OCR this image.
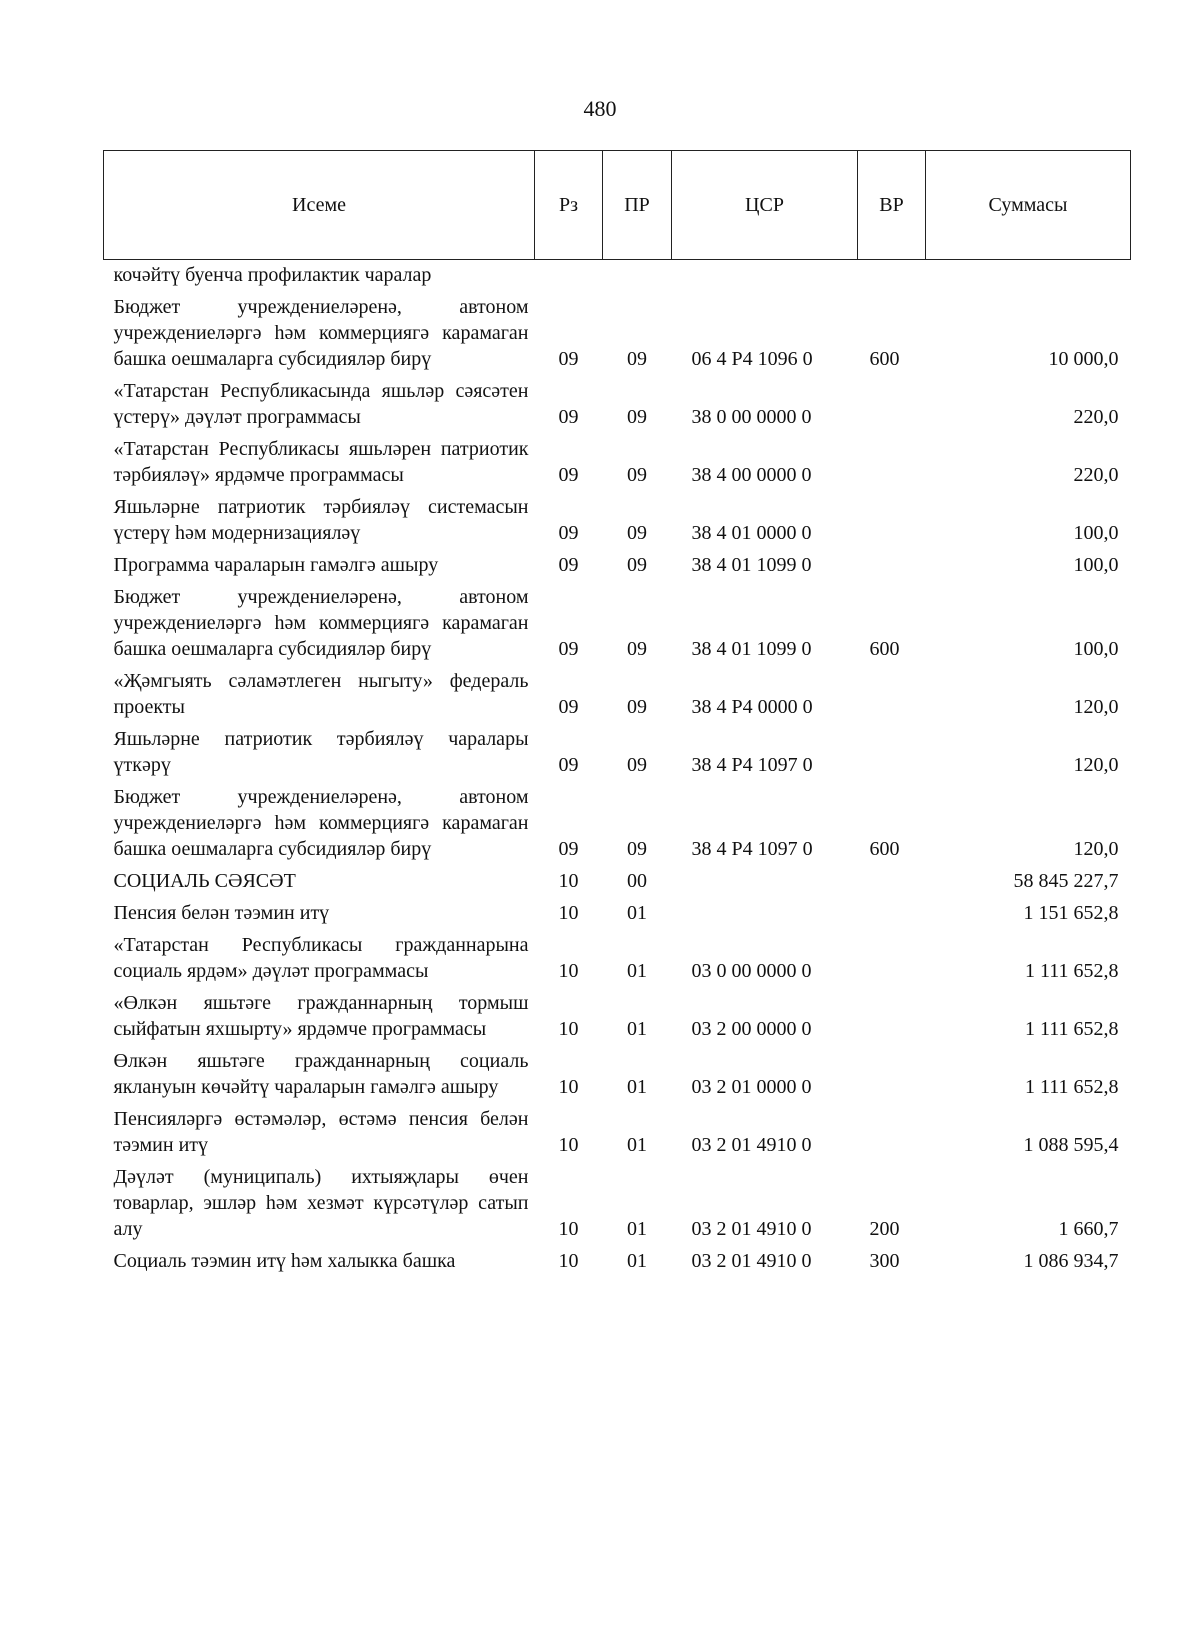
480
Исеме	Рз	ПР	ЦСР	ВР	Суммасы
кочәйтү буенча профилактик чаралар					
Бюджет учреждениеләренә, автоном учреждениеләргә һәм коммерциягә карамаган башка оешмаларга субсидияләр бирү	09	09	06 4 Р4 1096 0	600	10 000,0
«Татарстан Республикасында яшьләр сәясәтен үстерү» дәүләт программасы	09	09	38 0 00 0000 0		220,0
«Татарстан Республикасы яшьләрен патриотик тәрбияләү» ярдәмче программасы	09	09	38 4 00 0000 0		220,0
Яшьләрне патриотик тәрбияләү системасын үстерү һәм модернизацияләү	09	09	38 4 01 0000 0		100,0
Программа чараларын гамәлгә ашыру	09	09	38 4 01 1099 0		100,0
Бюджет учреждениеләренә, автоном учреждениеләргә һәм коммерциягә карамаган башка оешмаларга субсидияләр бирү	09	09	38 4 01 1099 0	600	100,0
«Җәмгыять сәламәтлеген ныгыту» федераль проекты	09	09	38 4 Р4 0000 0		120,0
Яшьләрне патриотик тәрбияләү чаралары үткәрү	09	09	38 4 Р4 1097 0		120,0
Бюджет учреждениеләренә, автоном учреждениеләргә һәм коммерциягә карамаган башка оешмаларга субсидияләр бирү	09	09	38 4 Р4 1097 0	600	120,0
СОЦИАЛЬ СӘЯСӘТ	10	00			58 845 227,7
Пенсия белән тәэмин итү	10	01			1 151 652,8
«Татарстан Республикасы гражданнарына социаль ярдәм» дәүләт программасы	10	01	03 0 00 0000 0		1 111 652,8
«Өлкән яшьтәге гражданнарның тормыш сыйфатын яхшырту» ярдәмче программасы	10	01	03 2 00 0000 0		1 111 652,8
Өлкән яшьтәге гражданнарның социаль яклануын көчәйтү чараларын гамәлгә ашыру	10	01	03 2 01 0000 0		1 111 652,8
Пенсияләргә өстәмәләр, өстәмә пенсия белән тәэмин итү	10	01	03 2 01 4910 0		1 088 595,4
Дәүләт (муниципаль) ихтыяҗлары өчен товарлар, эшләр һәм хезмәт күрсәтүләр сатып алу	10	01	03 2 01 4910 0	200	1 660,7
Социаль тәэмин итү һәм халыкка башка	10	01	03 2 01 4910 0	300	1 086 934,7
